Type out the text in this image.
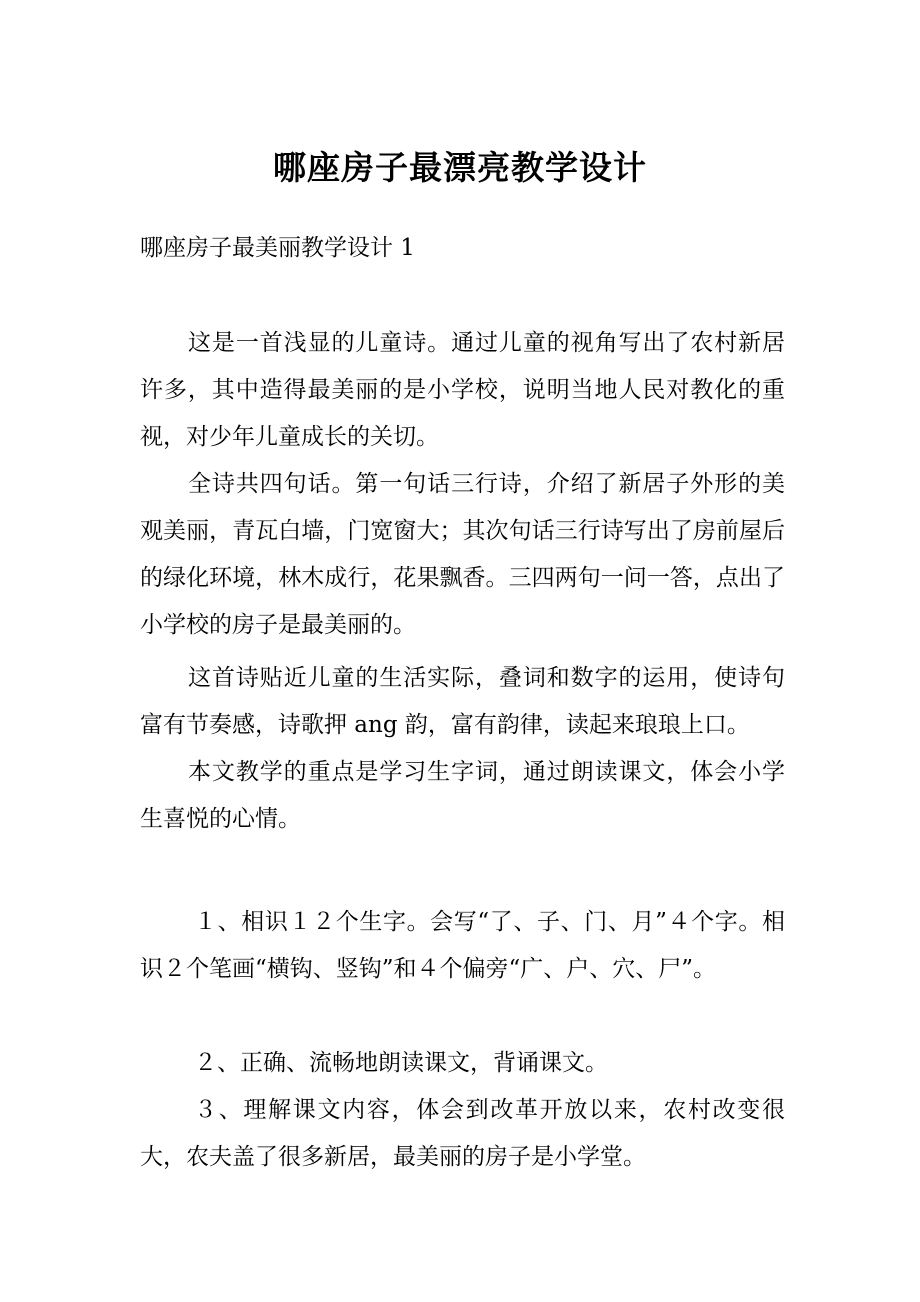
哪座房子最漂亮教学设计

哪座房子最美丽教学设计 1

这是一首浅显的儿童诗。通过儿童的视角写出了农村新居许多，其中造得最美丽的是小学校，说明当地人民对教化的重视，对少年儿童成长的关切。

全诗共四句话。第一句话三行诗，介绍了新居子外形的美观美丽，青瓦白墙，门宽窗大；其次句话三行诗写出了房前屋后的绿化环境，林木成行，花果飘香。三四两句一问一答，点出了小学校的房子是最美丽的。

这首诗贴近儿童的生活实际，叠词和数字的运用，使诗句富有节奏感，诗歌押 ang 韵，富有韵律，读起来琅琅上口。

本文教学的重点是学习生字词，通过朗读课文，体会小学生喜悦的心情。

１、相识１２个生字。会写“了、子、门、月”４个字。相识２个笔画“横钩、竖钩”和４个偏旁“广、户、穴、尸”。

２、正确、流畅地朗读课文，背诵课文。

３、理解课文内容，体会到改革开放以来，农村改变很大，农夫盖了很多新居，最美丽的房子是小学堂。
